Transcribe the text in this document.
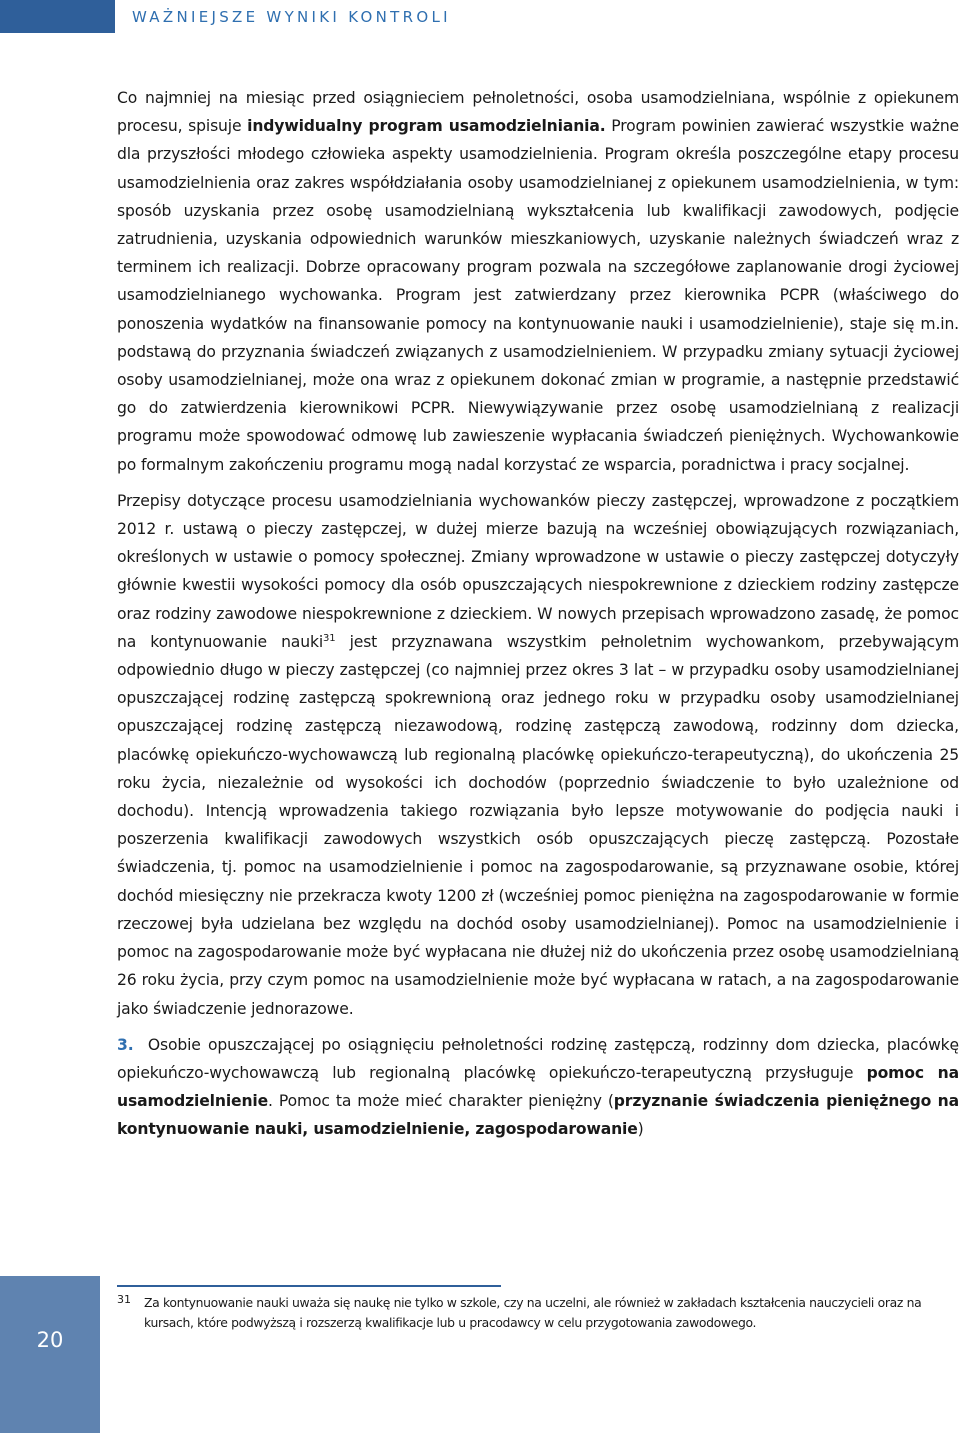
WAŻNIEJSZE WYNIKI KONTROLI

Co najmniej na miesiąc przed osiągnieciem pełnoletności, osoba usamodzielniana, wspólnie z opiekunem procesu, spisuje indywidualny program usamodzielniania. Program powinien zawierać wszystkie ważne dla przyszłości młodego człowieka aspekty usamodzielnienia. Program określa poszczególne etapy procesu usamodzielnienia oraz zakres współdziałania osoby usamodzielnianej z opiekunem usamodzielnienia, w tym: sposób uzyskania przez osobę usamodzielnianą wykształcenia lub kwalifikacji zawodowych, podjęcie zatrudnienia, uzyskania odpowiednich warunków mieszkaniowych, uzyskanie należnych świadczeń wraz z terminem ich realizacji. Dobrze opracowany program pozwala na szczegółowe zaplanowanie drogi życiowej usamodzielnianego wychowanka. Program jest zatwierdzany przez kierownika PCPR (właściwego do ponoszenia wydatków na finansowanie pomocy na kontynuowanie nauki i usamodzielnienie), staje się m.in. podstawą do przyznania świadczeń związanych z usamodzielnieniem. W przypadku zmiany sytuacji życiowej osoby usamodzielnianej, może ona wraz z opiekunem dokonać zmian w programie, a następnie przedstawić go do zatwierdzenia kierownikowi PCPR. Niewywiązywanie przez osobę usamodzielnianą z realizacji programu może spowodować odmowę lub zawieszenie wypłacania świadczeń pieniężnych. Wychowankowie po formalnym zakończeniu programu mogą nadal korzystać ze wsparcia, poradnictwa i pracy socjalnej.

Przepisy dotyczące procesu usamodzielniania wychowanków pieczy zastępczej, wprowadzone z początkiem 2012 r. ustawą o pieczy zastępczej, w dużej mierze bazują na wcześniej obowiązujących rozwiązaniach, określonych w ustawie o pomocy społecznej. Zmiany wprowadzone w ustawie o pieczy zastępczej dotyczyły głównie kwestii wysokości pomocy dla osób opuszczających niespokrewnione z dzieckiem rodziny zastępcze oraz rodziny zawodowe niespokrewnione z dzieckiem. W nowych przepisach wprowadzono zasadę, że pomoc na kontynuowanie nauki$^{31}$ jest przyznawana wszystkim pełnoletnim wychowankom, przebywającym odpowiednio długo w pieczy zastępczej (co najmniej przez okres 3 lat – w przypadku osoby usamodzielnianej opuszczającej rodzinę zastępczą spokrewnioną oraz jednego roku w przypadku osoby usamodzielnianej opuszczającej rodzinę zastępczą niezawodową, rodzinę zastępczą zawodową, rodzinny dom dziecka, placówkę opiekuńczo-wychowawczą lub regionalną placówkę opiekuńczo-terapeutyczną), do ukończenia 25 roku życia, niezależnie od wysokości ich dochodów (poprzednio świadczenie to było uzależnione od dochodu). Intencją wprowadzenia takiego rozwiązania było lepsze motywowanie do podjęcia nauki i poszerzenia kwalifikacji zawodowych wszystkich osób opuszczających pieczę zastępczą. Pozostałe świadczenia, tj. pomoc na usamodzielnienie i pomoc na zagospodarowanie, są przyznawane osobie, której dochód miesięczny nie przekracza kwoty 1200 zł (wcześniej pomoc pieniężna na zagospodarowanie w formie rzeczowej była udzielana bez względu na dochód osoby usamodzielnianej). Pomoc na usamodzielnienie i pomoc na zagospodarowanie może być wypłacana nie dłużej niż do ukończenia przez osobę usamodzielnianą 26 roku życia, przy czym pomoc na usamodzielnienie może być wypłacana w ratach, a na zagospodarowanie jako świadczenie jednorazowe.

3. Osobie opuszczającej po osiągnięciu pełnoletności rodzinę zastępczą, rodzinny dom dziecka, placówkę opiekuńczo-wychowawczą lub regionalną placówkę opiekuńczo-terapeutyczną przysługuje pomoc na usamodzielnienie. Pomoc ta może mieć charakter pieniężny (przyznanie świadczenia pieniężnego na kontynuowanie nauki, usamodzielnienie, zagospodarowanie)

31 Za kontynuowanie nauki uważa się naukę nie tylko w szkole, czy na uczelni, ale również w zakładach kształcenia nauczycieli oraz na kursach, które podwyższą i rozszerzą kwalifikacje lub u pracodawcy w celu przygotowania zawodowego.
20
